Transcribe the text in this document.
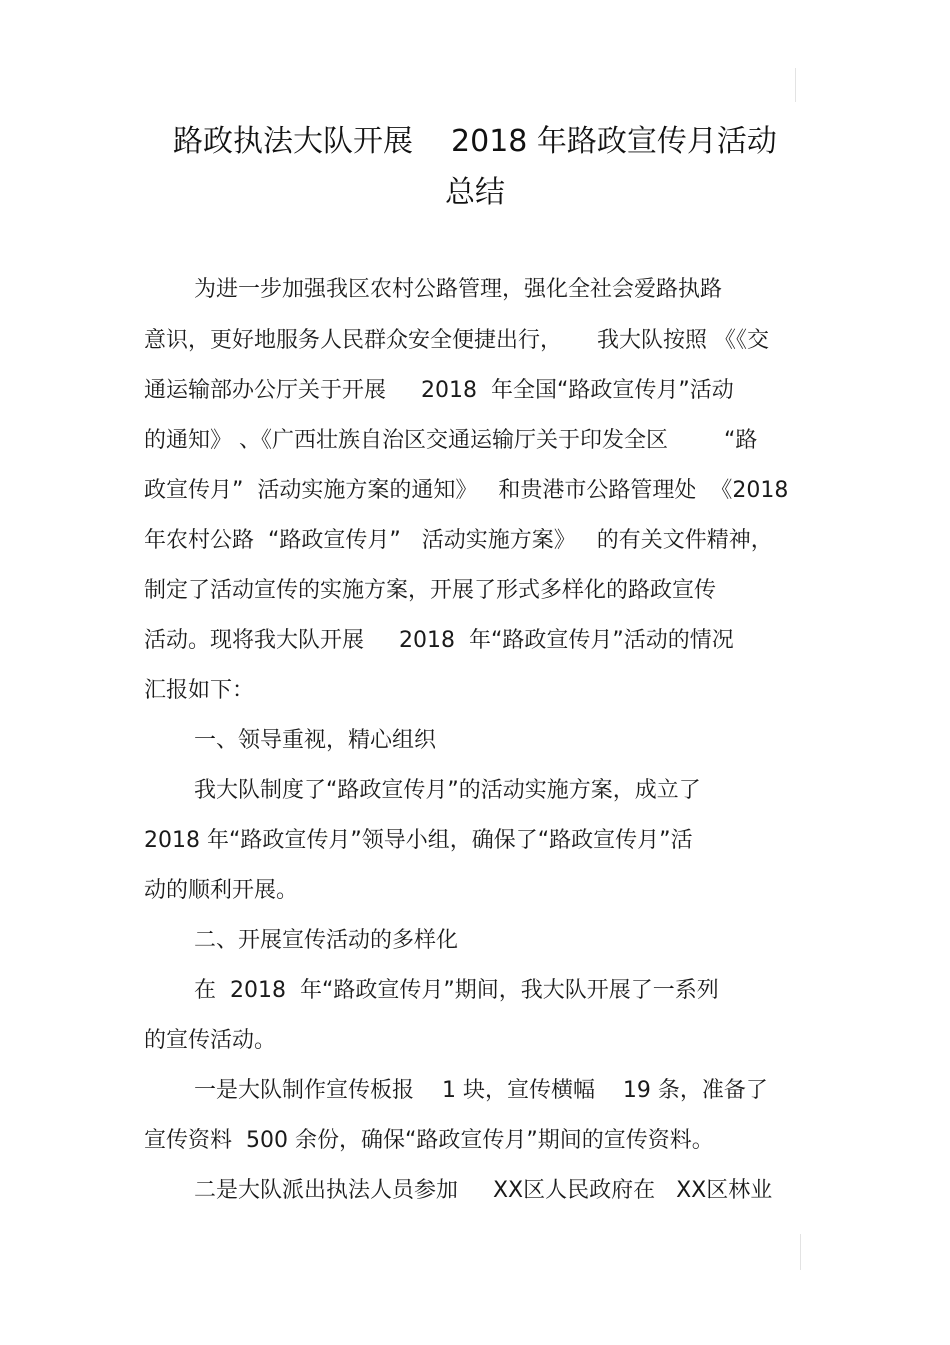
路政执法大队开展 2018 年路政宣传月活动
总结
为进一步加强我区农村公路管理，强化全社会爱路执路
意识，更好地服务人民群众安全便捷出行，     我大队按照 《《交
通运输部办公厅关于开展     2018  年全国“路政宣传月”活动
的通知》 、《广西壮族自治区交通运输厅关于印发全区        “路
政宣传月”  活动实施方案的通知》   和贵港市公路管理处  《2018
年农村公路  “路政宣传月”   活动实施方案》   的有关文件精神，
制定了活动宣传的实施方案，开展了形式多样化的路政宣传
活动。现将我大队开展     2018  年“路政宣传月”活动的情况
汇报如下：
一、领导重视，精心组织
我大队制度了“路政宣传月”的活动实施方案，成立了
2018 年“路政宣传月”领导小组，确保了“路政宣传月”活
动的顺利开展。
二、开展宣传活动的多样化
在  2018  年“路政宣传月”期间，我大队开展了一系列
的宣传活动。
一是大队制作宣传板报    1 块，宣传横幅    19 条，准备了
宣传资料  500 余份，确保“路政宣传月”期间的宣传资料。
二是大队派出执法人员参加     XX区人民政府在   XX区林业
